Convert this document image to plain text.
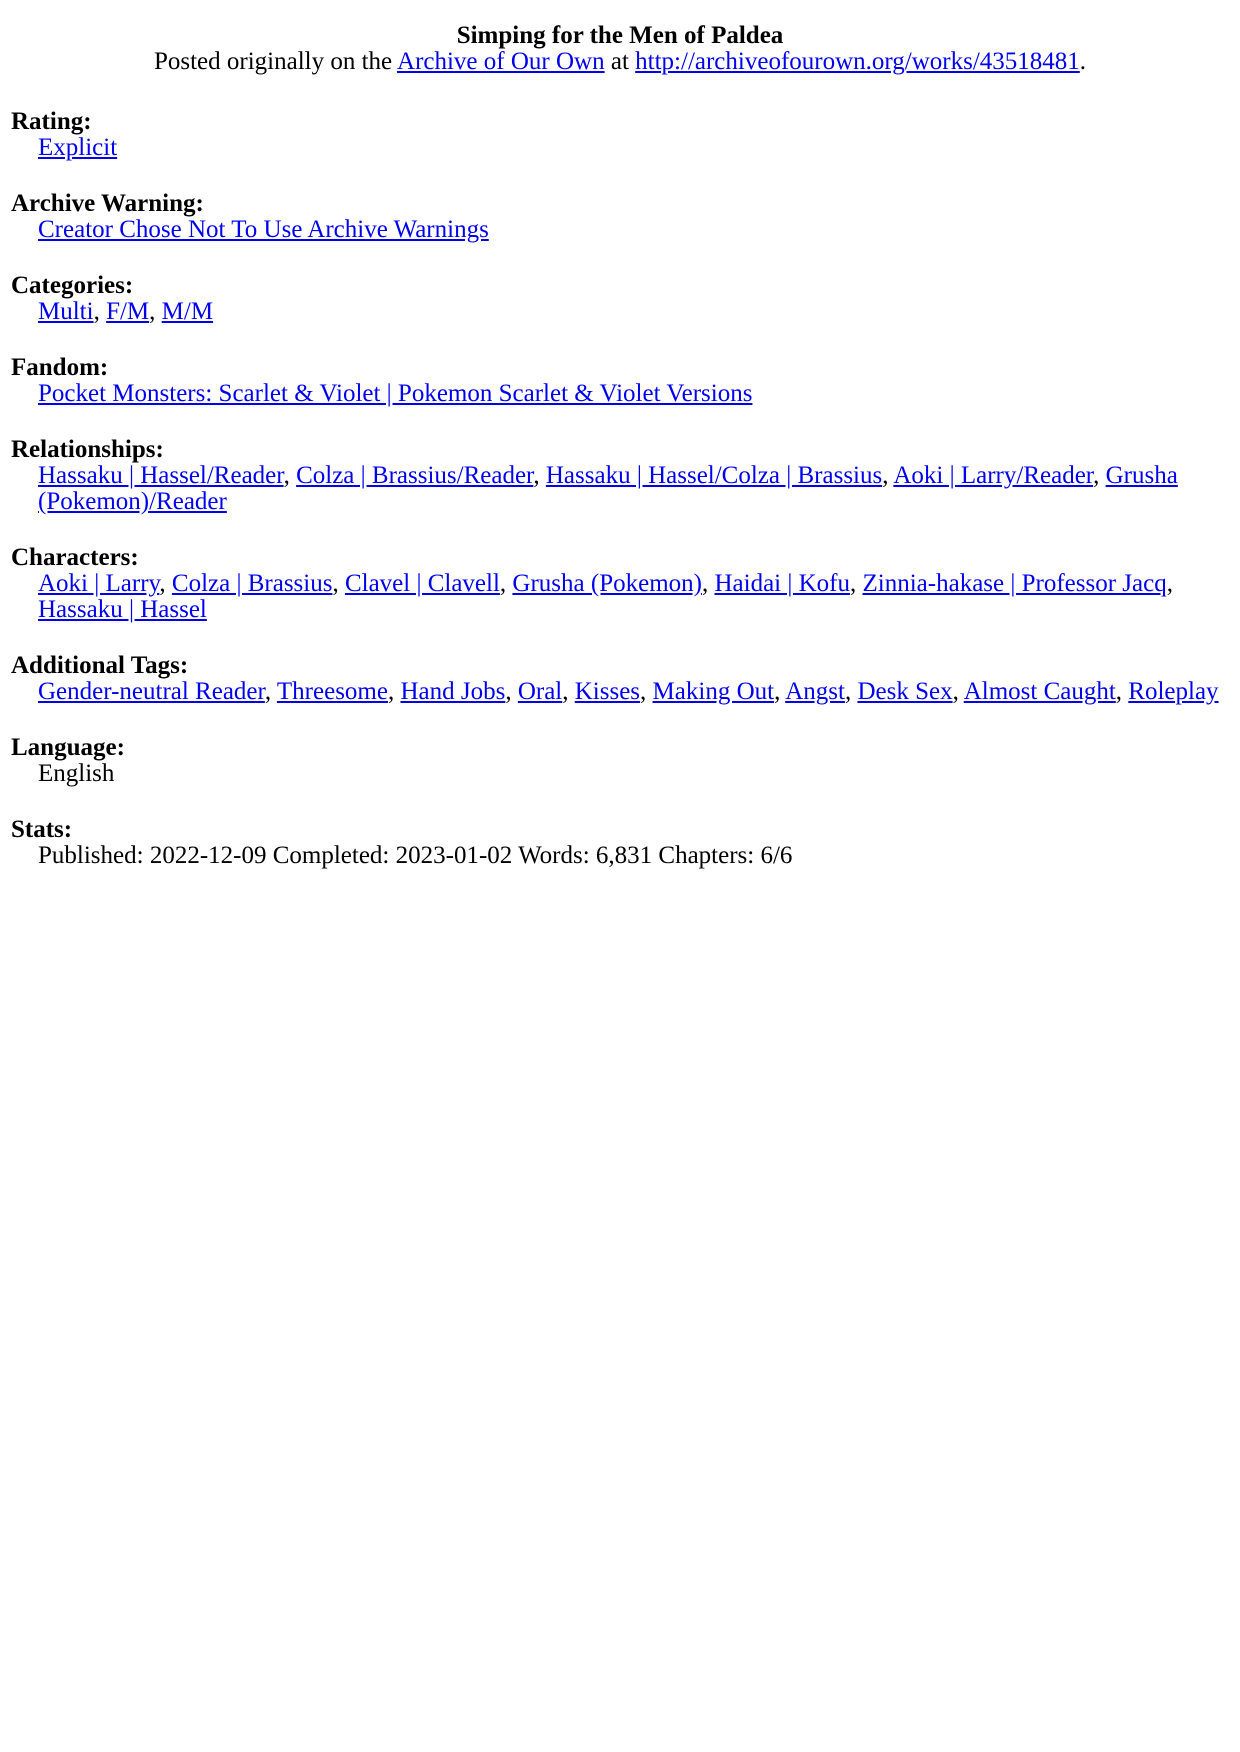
Simping for the Men of Paldea
Posted originally on the Archive of Our Own at http://archiveofourown.org/works/43518481.

Rating:
Explicit
Archive Warning:
Creator Chose Not To Use Archive Warnings
Categories:
Multi, F/M, M/M
Fandom:
Pocket Monsters: Scarlet & Violet | Pokemon Scarlet & Violet Versions
Relationships:
Hassaku | Hassel/Reader, Colza | Brassius/Reader, Hassaku | Hassel/Colza | Brassius, Aoki | Larry/Reader, Grusha (Pokemon)/Reader
Characters:
Aoki | Larry, Colza | Brassius, Clavel | Clavell, Grusha (Pokemon), Haidai | Kofu, Zinnia-hakase | Professor Jacq, Hassaku | Hassel
Additional Tags:
Gender-neutral Reader, Threesome, Hand Jobs, Oral, Kisses, Making Out, Angst, Desk Sex, Almost Caught, Roleplay
Language:
English
Stats:
Published: 2022-12-09 Completed: 2023-01-02 Words: 6,831 Chapters: 6/6
